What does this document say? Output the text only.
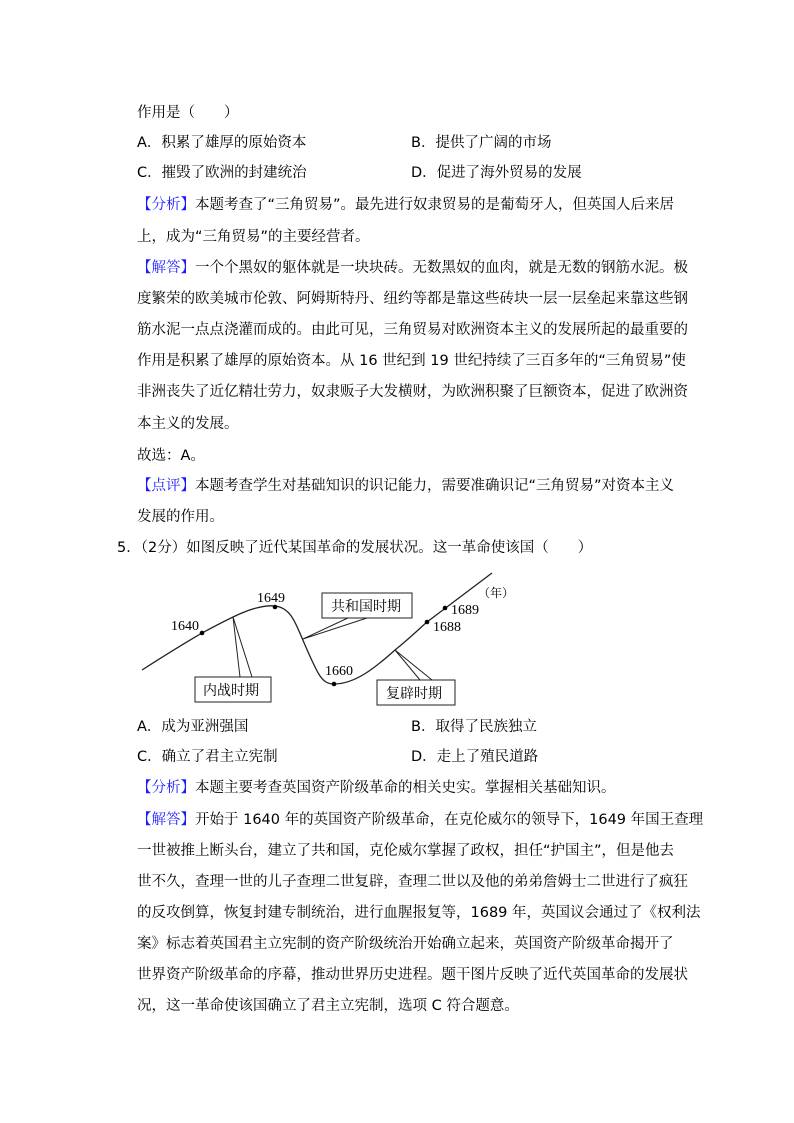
作用是（　　）
A．积累了雄厚的原始资本	B．提供了广阔的市场
C．摧毁了欧洲的封建统治	D．促进了海外贸易的发展
【分析】本题考查了“三角贸易”。最先进行奴隶贸易的是葡萄牙人，但英国人后来居
上，成为“三角贸易”的主要经营者。
【解答】一个个黑奴的躯体就是一块块砖。无数黑奴的血肉，就是无数的钢筋水泥。极
度繁荣的欧美城市伦敦、阿姆斯特丹、纽约等都是靠这些砖块一层一层垒起来靠这些钢
筋水泥一点点浇灌而成的。由此可见，三角贸易对欧洲资本主义的发展所起的最重要的
作用是积累了雄厚的原始资本。从 16 世纪到 19 世纪持续了三百多年的“三角贸易”使
非洲丧失了近亿精壮劳力，奴隶贩子大发横财，为欧洲积聚了巨额资本，促进了欧洲资
本主义的发展。
故选：A。
【点评】本题考查学生对基础知识的识记能力，需要准确识记“三角贸易”对资本主义
发展的作用。
5．（2分）如图反映了近代某国革命的发展状况。这一革命使该国（　　）
1640
1649
1660
1688
1689
（年）
内战时期
共和国时期
复辟时期
A．成为亚洲强国	B．取得了民族独立
C．确立了君主立宪制	D．走上了殖民道路
【分析】本题主要考查英国资产阶级革命的相关史实。掌握相关基础知识。
【解答】开始于 1640 年的英国资产阶级革命，在克伦威尔的领导下，1649 年国王查理
一世被推上断头台，建立了共和国，克伦威尔掌握了政权，担任“护国主”，但是他去
世不久，查理一世的儿子查理二世复辟，查理二世以及他的弟弟詹姆士二世进行了疯狂
的反攻倒算，恢复封建专制统治，进行血腥报复等，1689 年，英国议会通过了《权利法
案》标志着英国君主立宪制的资产阶级统治开始确立起来，英国资产阶级革命揭开了
世界资产阶级革命的序幕，推动世界历史进程。题干图片反映了近代英国革命的发展状
况，这一革命使该国确立了君主立宪制，选项 C 符合题意。
